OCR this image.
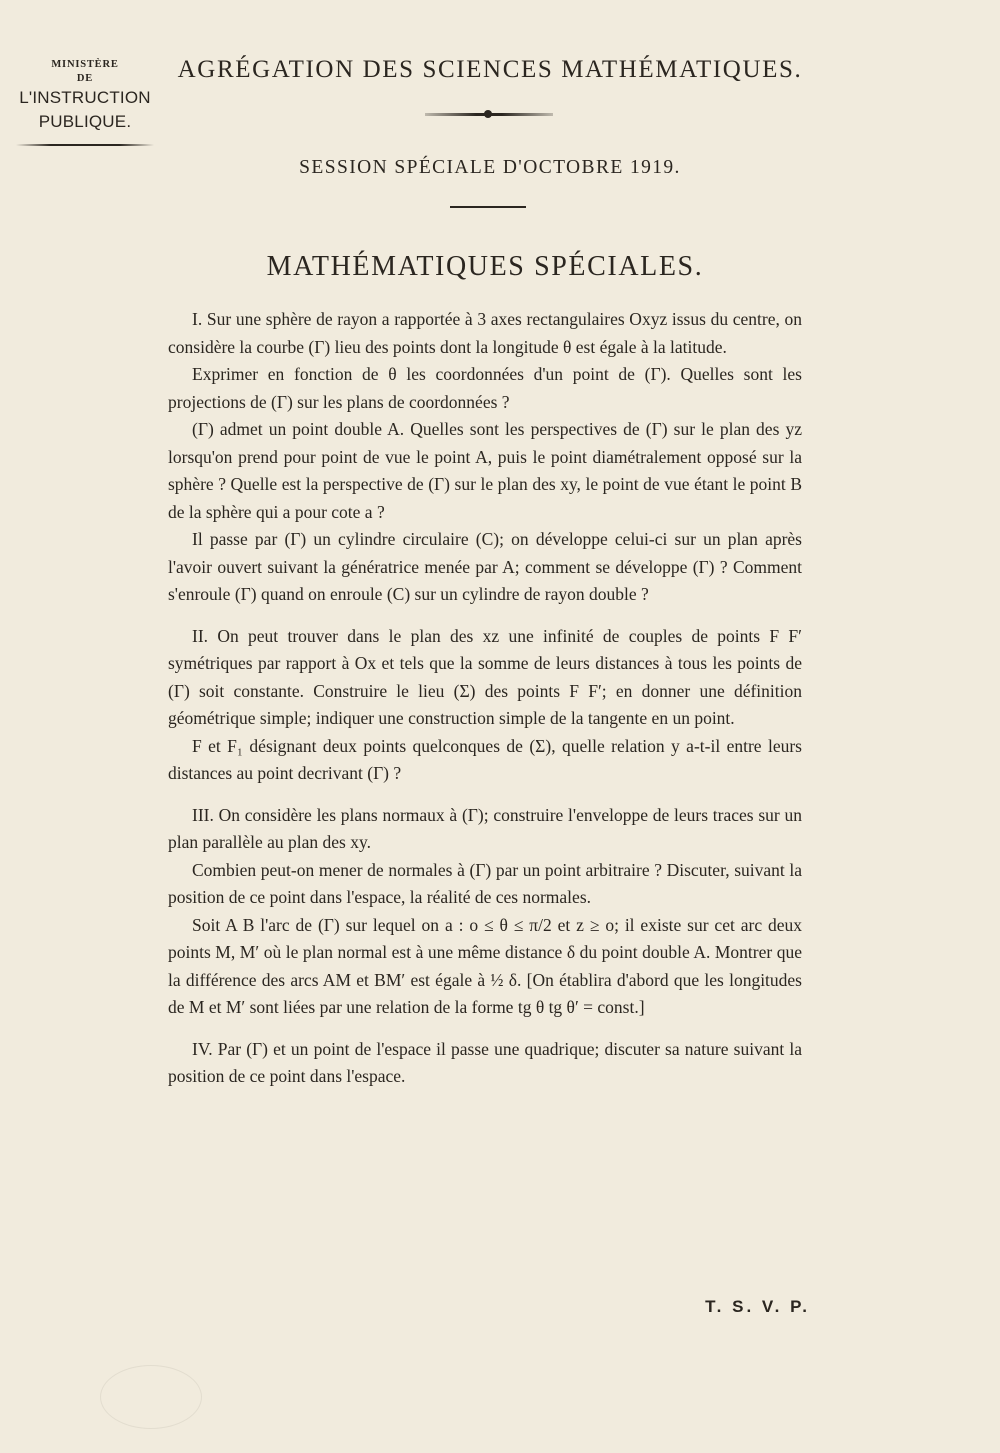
MINISTÈRE
DE
L'INSTRUCTION
PUBLIQUE.
AGRÉGATION DES SCIENCES MATHÉMATIQUES.
SESSION SPÉCIALE D'OCTOBRE 1919.
MATHÉMATIQUES SPÉCIALES.

I. Sur une sphère de rayon a rapportée à 3 axes rectangulaires Oxyz issus du centre, on considère la courbe (Γ) lieu des points dont la longitude θ est égale à la latitude.

Exprimer en fonction de θ les coordonnées d'un point de (Γ). Quelles sont les projections de (Γ) sur les plans de coordonnées ?

(Γ) admet un point double A. Quelles sont les perspectives de (Γ) sur le plan des yz lorsqu'on prend pour point de vue le point A, puis le point diamétralement opposé sur la sphère ? Quelle est la perspective de (Γ) sur le plan des xy, le point de vue étant le point B de la sphère qui a pour cote a ?

Il passe par (Γ) un cylindre circulaire (C); on développe celui-ci sur un plan après l'avoir ouvert suivant la génératrice menée par A; comment se développe (Γ) ? Comment s'enroule (Γ) quand on enroule (C) sur un cylindre de rayon double ?

II. On peut trouver dans le plan des xz une infinité de couples de points F F′ symétriques par rapport à Ox et tels que la somme de leurs distances à tous les points de (Γ) soit constante. Construire le lieu (Σ) des points F F′; en donner une définition géométrique simple; indiquer une construction simple de la tangente en un point.

F et F₁ désignant deux points quelconques de (Σ), quelle relation y a-t-il entre leurs distances au point decrivant (Γ) ?

III. On considère les plans normaux à (Γ); construire l'enveloppe de leurs traces sur un plan parallèle au plan des xy.

Combien peut-on mener de normales à (Γ) par un point arbitraire ? Discuter, suivant la position de ce point dans l'espace, la réalité de ces normales.

Soit A B l'arc de (Γ) sur lequel on a : o ≤ θ ≤ π/2 et z ≥ o; il existe sur cet arc deux points M, M′ où le plan normal est à une même distance δ du point double A. Montrer que la différence des arcs AM et BM′ est égale à ½ δ. [On établira d'abord que les longitudes de M et M′ sont liées par une relation de la forme tg θ tg θ′ = const.]

IV. Par (Γ) et un point de l'espace il passe une quadrique; discuter sa nature suivant la position de ce point dans l'espace.

T. S. V. P.
